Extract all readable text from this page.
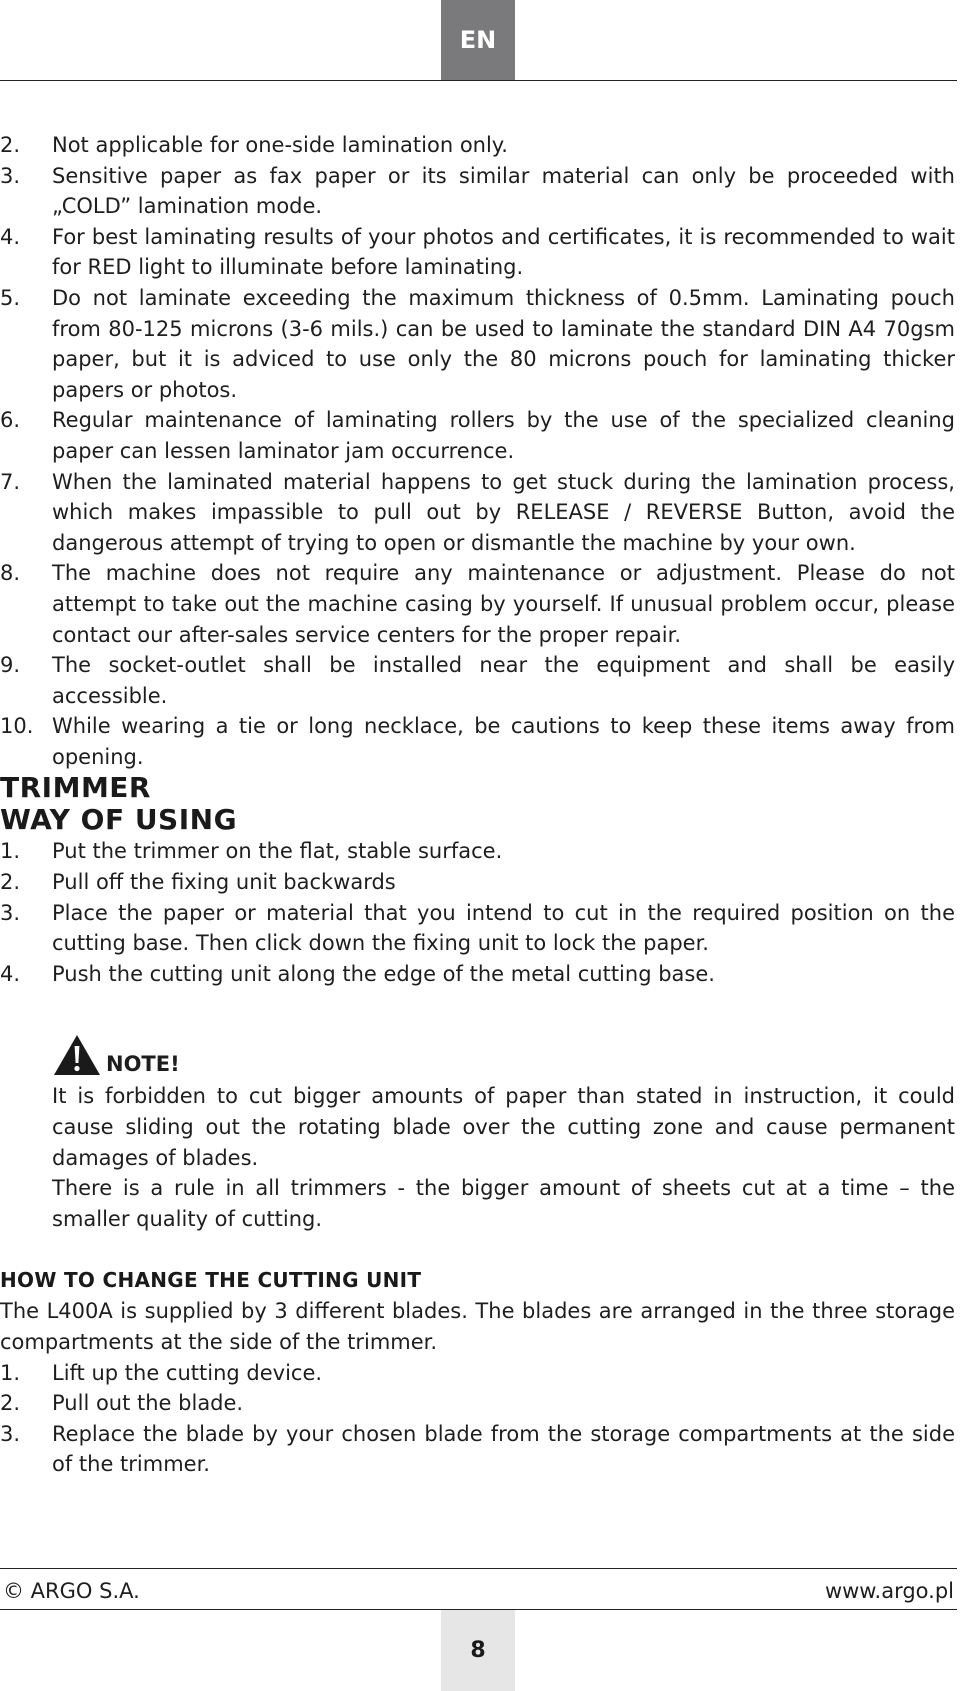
EN
2. Not applicable for one-side lamination only.
3. Sensitive paper as fax paper or its similar material can only be proceeded with „COLD” lamination mode.
4. For best laminating results of your photos and certificates, it is recommended to wait for RED light to illuminate before laminating.
5. Do not laminate exceeding the maximum thickness of 0.5mm. Laminating pouch from 80-125 microns (3-6 mils.) can be used to laminate the standard DIN A4 70gsm paper, but it is adviced to use only the 80 microns pouch for laminating thicker papers or photos.
6. Regular maintenance of laminating rollers by the use of the specialized cleaning paper can lessen laminator jam occurrence.
7. When the laminated material happens to get stuck during the lamination process, which makes impassible to pull out by RELEASE / REVERSE Button, avoid the dangerous attempt of trying to open or dismantle the machine by your own.
8. The machine does not require any maintenance or adjustment. Please do not attempt to take out the machine casing by yourself. If unusual problem occur, please contact our after-sales service centers for the proper repair.
9. The socket-outlet shall be installed near the equipment and shall be easily accessible.
10. While wearing a tie or long necklace, be cautions to keep these items away from opening.
TRIMMER
WAY OF USING
1. Put the trimmer on the flat, stable surface.
2. Pull off the fixing unit backwards
3. Place the paper or material that you intend to cut in the required position on the cutting base. Then click down the fixing unit to lock the paper.
4. Push the cutting unit along the edge of the metal cutting base.
NOTE!

It is forbidden to cut bigger amounts of paper than stated in instruction, it could cause sliding out the rotating blade over the cutting zone and cause permanent damages of blades.

There is a rule in all trimmers - the bigger amount of sheets cut at a time – the smaller quality of cutting.

HOW TO CHANGE THE CUTTING UNIT

The L400A is supplied by 3 different blades. The blades are arranged in the three storage compartments at the side of the trimmer.

1. Lift up the cutting device.
2. Pull out the blade.
3. Replace the blade by your chosen blade from the storage compartments at the side of the trimmer.
© ARGO S.A.	www.argo.pl
8
